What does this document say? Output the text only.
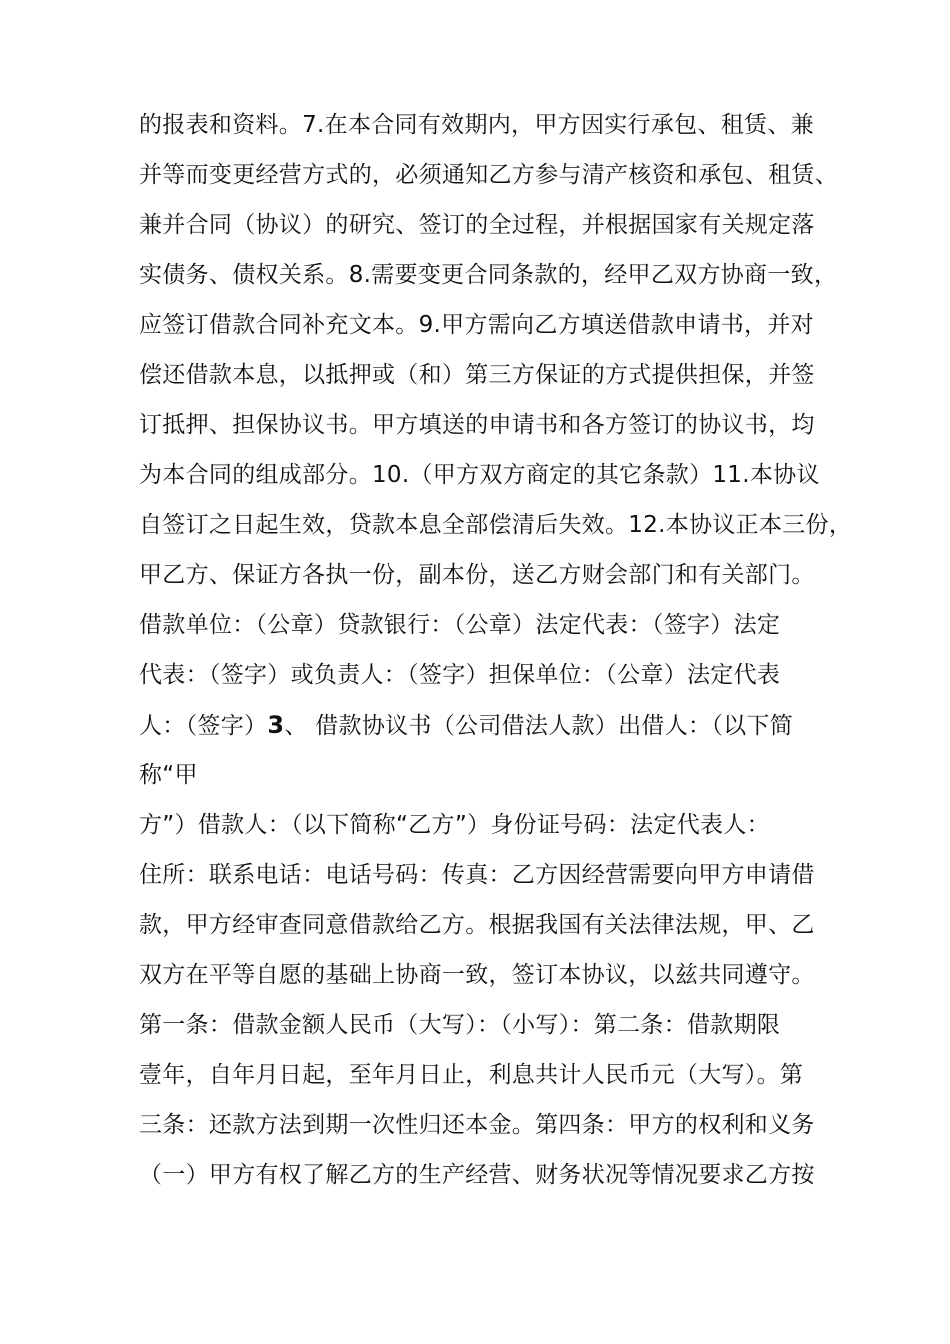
的报表和资料。7.在本合同有效期内，甲方因实行承包、租赁、兼
并等而变更经营方式的，必须通知乙方参与清产核资和承包、租赁、
兼并合同（协议）的研究、签订的全过程，并根据国家有关规定落
实债务、债权关系。8.需要变更合同条款的，经甲乙双方协商一致，
应签订借款合同补充文本。9.甲方需向乙方填送借款申请书，并对
偿还借款本息，以抵押或（和）第三方保证的方式提供担保，并签
订抵押、担保协议书。甲方填送的申请书和各方签订的协议书，均
为本合同的组成部分。10.（甲方双方商定的其它条款）11.本协议
自签订之日起生效，贷款本息全部偿清后失效。12.本协议正本三份，
甲乙方、保证方各执一份，副本份，送乙方财会部门和有关部门。
借款单位：（公章）贷款银行：（公章）法定代表：（签字）法定
代表：（签字）或负责人：（签字）担保单位：（公章）法定代表
人：（签字）3、 借款协议书（公司借法人款）出借人：（以下简
称“甲
方”）借款人：（以下简称“乙方”）身份证号码：法定代表人：
住所：联系电话：电话号码：传真：乙方因经营需要向甲方申请借
款，甲方经审查同意借款给乙方。根据我国有关法律法规，甲、乙
双方在平等自愿的基础上协商一致，签订本协议，以兹共同遵守。
第一条：借款金额人民币（大写）：（小写）：第二条：借款期限
壹年，自年月日起，至年月日止，利息共计人民币元（大写）。第
三条：还款方法到期一次性归还本金。第四条：甲方的权利和义务
（一）甲方有权了解乙方的生产经营、财务状况等情况要求乙方按
